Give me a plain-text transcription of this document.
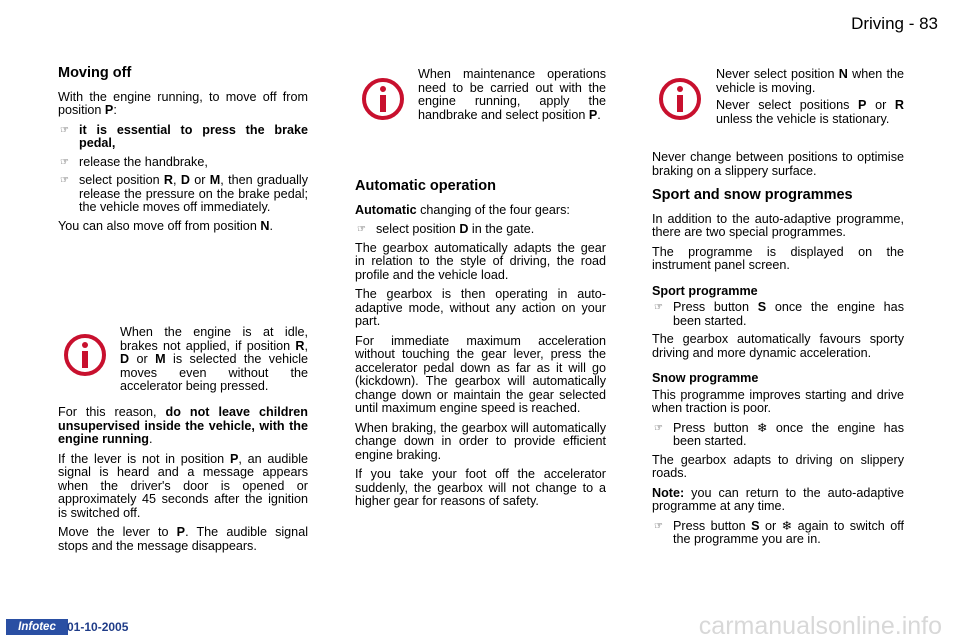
Driving - 83
Moving off

With the engine running, to move off from position P:

☞ it is essential to press the brake pedal,
☞ release the handbrake,
☞ select position R, D or M, then gradually release the pressure on the brake pedal; the vehicle moves off immediately.

You can also move off from position N.

When the engine is at idle, brakes not applied, if position R, D or M is selected the vehicle moves even without the accelerator being pressed.

For this reason, do not leave children unsupervised inside the vehicle, with the engine running.

If the lever is not in position P, an audible signal is heard and a message appears when the driver's door is opened or approximately 45 seconds after the ignition is switched off.

Move the lever to P. The audible signal stops and the message disappears.

When maintenance operations need to be carried out with the engine running, apply the handbrake and select position P.

Automatic operation

Automatic changing of the four gears:

☞ select position D in the gate.

The gearbox automatically adapts the gear in relation to the style of driving, the road profile and the vehicle load.

The gearbox is then operating in auto-adaptive mode, without any action on your part.

For immediate maximum acceleration without touching the gear lever, press the accelerator pedal down as far as it will go (kickdown). The gearbox will automatically change down or maintain the gear selected until maximum engine speed is reached.

When braking, the gearbox will automatically change down in order to provide efficient engine braking.

If you take your foot off the accelerator suddenly, the gearbox will not change to a higher gear for reasons of safety.

Never select position N when the vehicle is moving.

Never select positions P or R unless the vehicle is stationary.

Never change between positions to optimise braking on a slippery surface.

Sport and snow programmes

In addition to the auto-adaptive programme, there are two special programmes.

The programme is displayed on the instrument panel screen.

Sport programme
☞ Press button S once the engine has been started.

The gearbox automatically favours sporty driving and more dynamic acceleration.

Snow programme

This programme improves starting and drive when traction is poor.

☞ Press button ❄ once the engine has been started.

The gearbox adapts to driving on slippery roads.

Note: you can return to the auto-adaptive programme at any time.

☞ Press button S or ❄ again to switch off the programme you are in.
Infotec 01-10-2005	carmanualsonline.info
